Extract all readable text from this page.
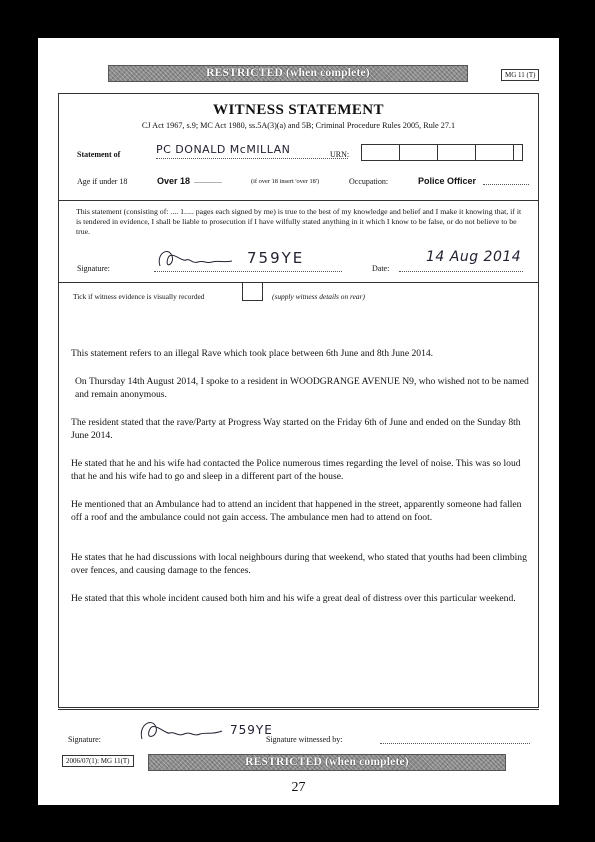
RESTRICTED (when complete)	MG 11 (T)
WITNESS STATEMENT
CJ Act 1967, s.9; MC Act 1980, ss.5A(3)(a) and 5B; Criminal Procedure Rules 2005, Rule 27.1
Statement of	PC DONALD McMILLAN	URN:
Age if under 18	Over 18 ..............	(if over 18 insert 'over 18')	Occupation:	Police Officer
This statement (consisting of: .... 1..... pages each signed by me) is true to the best of my knowledge and belief and I make it knowing that, if it is tendered in evidence, I shall be liable to prosecution if I have wilfully stated anything in it which I know to be false, or do not believe to be true.
Signature:
759YE
Date:
14 Aug 2014
Tick if witness evidence is visually recorded	(supply witness details on rear)
This statement refers to an illegal Rave which took place between 6th June and 8th June 2014.
On Thursday 14th August 2014, I spoke to a resident in WOODGRANGE AVENUE N9, who wished not to be named and remain anonymous.
The resident stated that the rave/Party at Progress Way started on the Friday 6th of June and ended on the Sunday 8th June 2014.
He stated that he and his wife had contacted the Police numerous times regarding the level of noise. This was so loud that he and his wife had to go and sleep in a different part of the house.
He mentioned that an Ambulance had to attend an incident that happened in the street, apparently someone had fallen off a roof and the ambulance could not gain access. The ambulance men had to attend on foot.
He states that he had discussions with local neighbours during that weekend, who stated that youths had been climbing over fences, and causing damage to the fences.
He stated that this whole incident caused both him and his wife a great deal of distress over this particular weekend.
Signature:
759YE
Signature witnessed by:
2006/07(1): MG 11(T)	RESTRICTED (when complete)
27
